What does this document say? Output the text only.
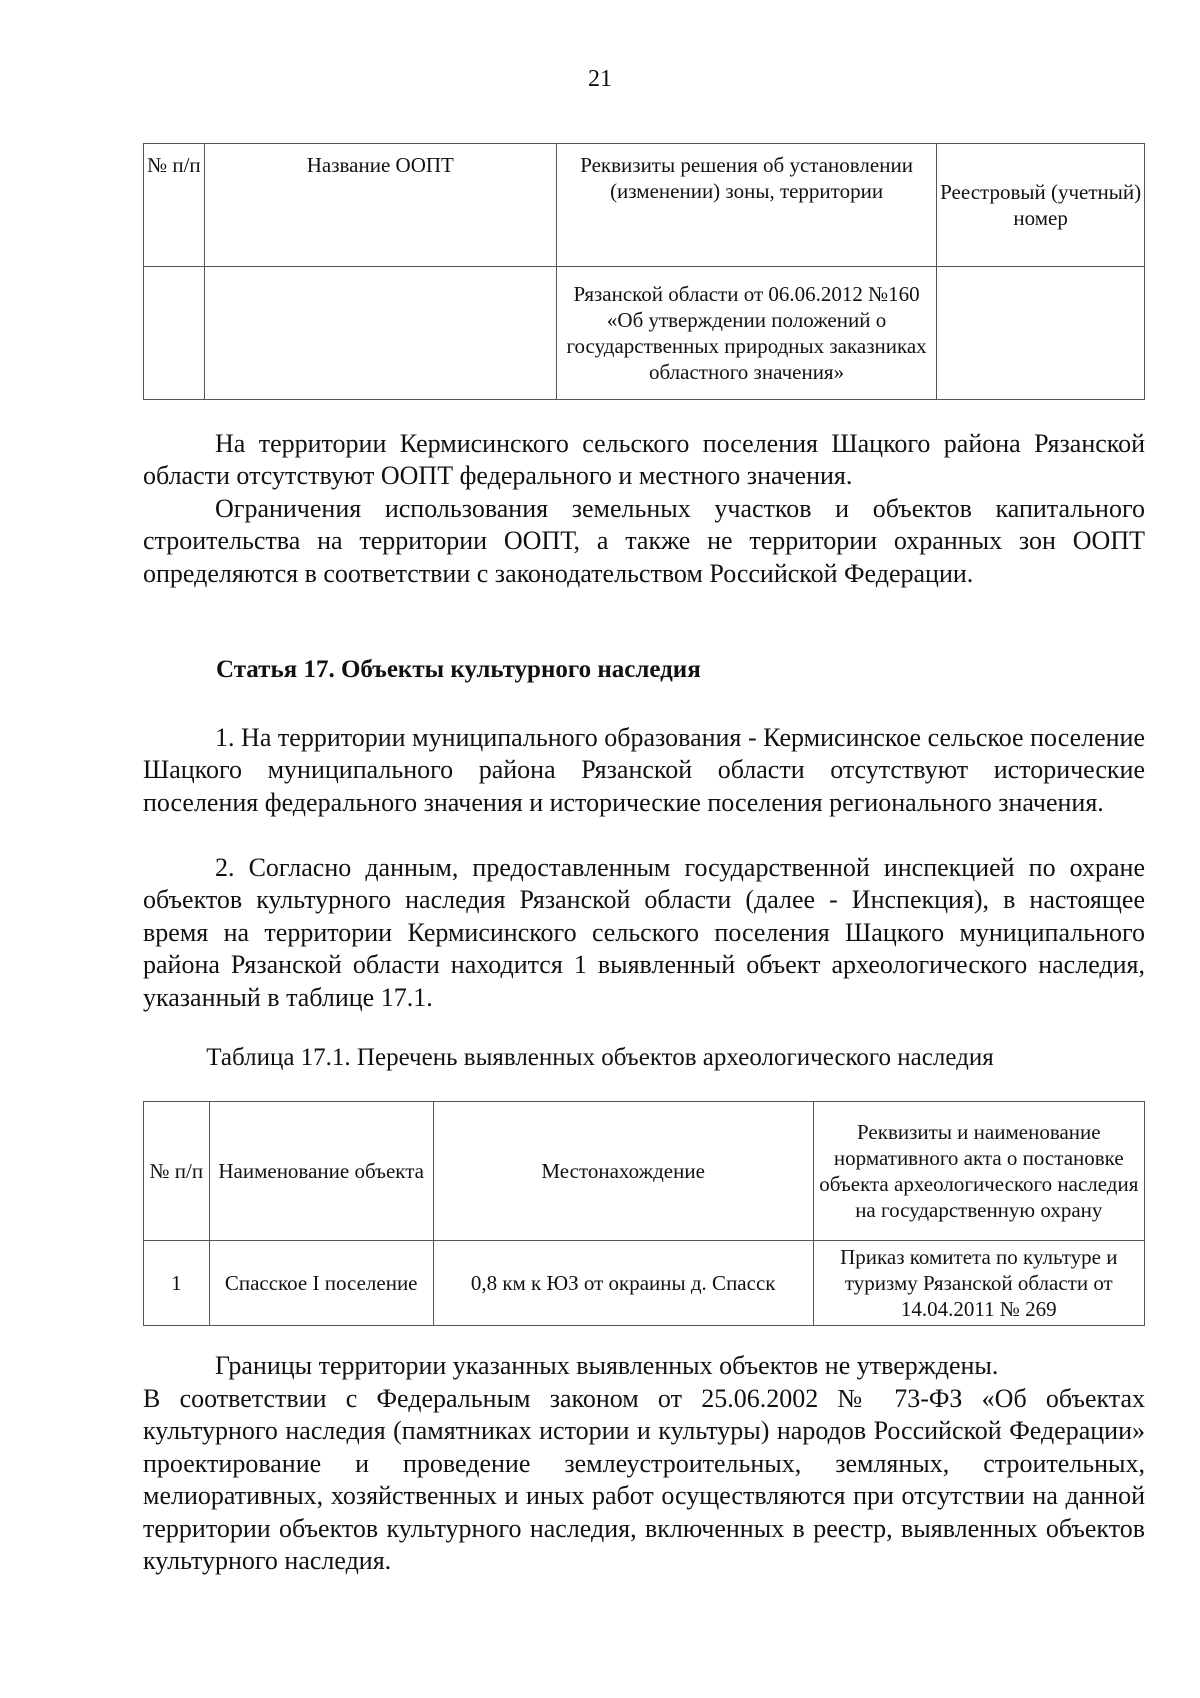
21
№ п/п	Название ООПТ	Реквизиты решения об установлении (изменении) зоны, территории	Реестровый (учетный) номер
		Рязанской области от 06.06.2012 №160 «Об утверждении положений о государственных природных заказниках областного значения»	

На территории Кермисинского сельского поселения Шацкого района Рязанской области отсутствуют ООПТ федерального и местного значения.

Ограничения использования земельных участков и объектов капитального строительства на территории ООПТ, а также не территории охранных зон ООПТ определяются в соответствии с законодательством Российской Федерации.

Статья 17. Объекты культурного наследия

1. На территории муниципального образования - Кермисинское сельское поселение Шацкого муниципального района Рязанской области отсутствуют исторические поселения федерального значения и исторические поселения регионального значения.

2. Согласно данным, предоставленным государственной инспекцией по охране объектов культурного наследия Рязанской области (далее - Инспекция), в настоящее время на территории Кермисинского сельского поселения Шацкого муниципального района Рязанской области находится 1 выявленный объект археологического наследия, указанный в таблице 17.1.

Таблица 17.1. Перечень выявленных объектов археологического наследия

№ п/п	Наименование объекта	Местонахождение	Реквизиты и наименование нормативного акта о постановке объекта археологического наследия на государственную охрану
1	Спасское I поселение	0,8 км к ЮЗ от окраины д. Спасск	Приказ комитета по культуре и туризму Рязанской области от 14.04.2011 № 269

Границы территории указанных выявленных объектов не утверждены.

В соответствии с Федеральным законом от 25.06.2002 № 73-ФЗ «Об объектах культурного наследия (памятниках истории и культуры) народов Российской Федерации» проектирование и проведение землеустроительных, земляных, строительных, мелиоративных, хозяйственных и иных работ осуществляются при отсутствии на данной территории объектов культурного наследия, включенных в реестр, выявленных объектов культурного наследия.
